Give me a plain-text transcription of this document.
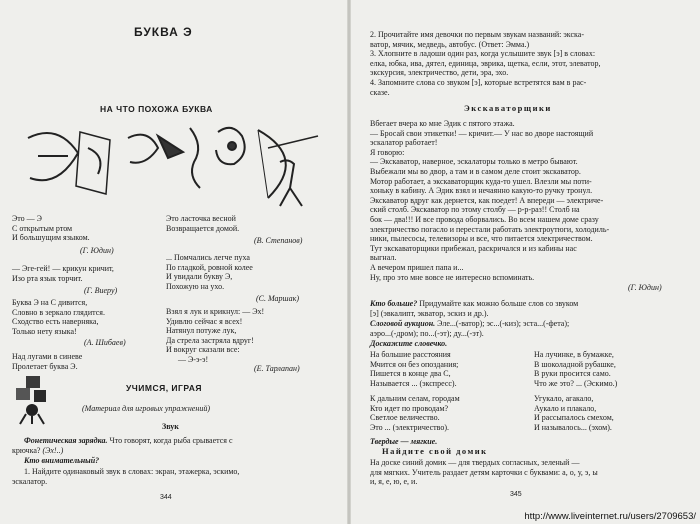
БУКВА Э
НА ЧТО ПОХОЖА БУКВА
Это — Э
С открытым ртом
И большущим языком.
(Г. Юдин)
Это ласточка весной
Возвращается домой.
(В. Степанов)
— Эге-гей! — крикун кричит,
Изо рта язык торчит.
(Г. Виеру)
... Помчались легче пуха
По гладкой, ровной колее
И увидали букву Э,
Похожую на ухо.
(С. Маршак)
Буква Э на С дивится,
Словно в зеркало глядится.
Сходство есть наверняка,
Только нету языка!
(А. Шибаев)
Взял я лук и крикнул: — Эх!
Удивлю сейчас я всех!
Натянул потуже лук,
Да стрела застряла вдруг!
И вокруг сказали все:
— Э-э-э!
(Е. Тарлапан)
Над лугами в синеве
Пролетает буква Э.
УЧИМСЯ, ИГРАЯ
(Материал для игровых упражнений)
Звук
Фонетическая зарядка. Что говорят, когда рыба срывается с
крючка? (Эх!..)
Кто внимательный?
1. Найдите одинаковый звук в словах: экран, этажерка, эскимо,
эскалатор.
344
2. Прочитайте имя девочки по первым звукам названий: экска-
ватор, мячик, медведь, автобус. (Ответ: Эмма.)
3. Хлопните в ладоши один раз, когда услышите звук [э] в словах:
елка, юбка, ива, дятел, единица, эврика, щетка, если, этот, элеватор,
экскурсия, электричество, дети, эра, эхо.
4. Запомните слова со звуком [э], которые встретятся вам в рас-
сказе.
Экскаваторщики
Вбегает вчера ко мне Эдик с пятого этажа.
— Бросай свои этикетки! — кричит.— У нас во дворе настоящий
эскалатор работает!
Я говорю:
— Экскаватор, наверное, эскалаторы только в метро бывают.
Выбежали мы во двор, а там и в самом деле стоит экскаватор.
Мотор работает, а экскаваторщик куда-то ушел. Влезли мы поти-
хоньку в кабину. А Эдик взял и нечаянно какую-то ручку тронул.
Экскаватор вдруг как дернется, как поедет! А впереди — электриче-
ский столб. Экскаватор по этому столбу — р-р-раз!! Столб на
бок — два!!! И все проводa оборвались. Во всем нашем доме сразу
электричество погасло и перестали работать электроутюги, холодиль-
ники, пылесосы, телевизоры и все, что питается электричеством.
Тут экскаваторщики прибежал, раскричался и из кабины нас
выгнал.
А вечером пришел папа и...
Ну, про это мне вовсе не интересно вспоминать.
(Г. Юдин)
Кто больше? Придумайте как можно больше слов со звуком
[э] (эвкалипт, экватор, эскиз и др.).
Слоговой аукцион. Эле...(-ватор); эс...(-киз); эста...(-фета);
аэро...(-дром); по...(-эт); ду...(-эт).
Доскажите словечко.
На большие расстояния
Мчится он без опоздания;
Пишется в конце два С,
Называется ... (экспресс).
На лучинке, в бумажке,
В шоколадной рубашке,
В руки просится само.
Что же это? ... (Эскимо.)
К дальним селам, городам
Кто идет по проводам?
Светлое величество.
Это ... (электричество).
Угукало, агакало,
Аукало и плакало,
И рассыпалось смехом,
И называлось... (эхом).
Твердые — мягкие.
Найдите свой домик
На доске синий домик — для твердых согласных, зеленый —
для мягких. Учитель раздает детям карточки с буквами: а, о, у, э, ы
и, я, е, ю, е, и.
345
http://www.liveinternet.ru/users/2709653/
